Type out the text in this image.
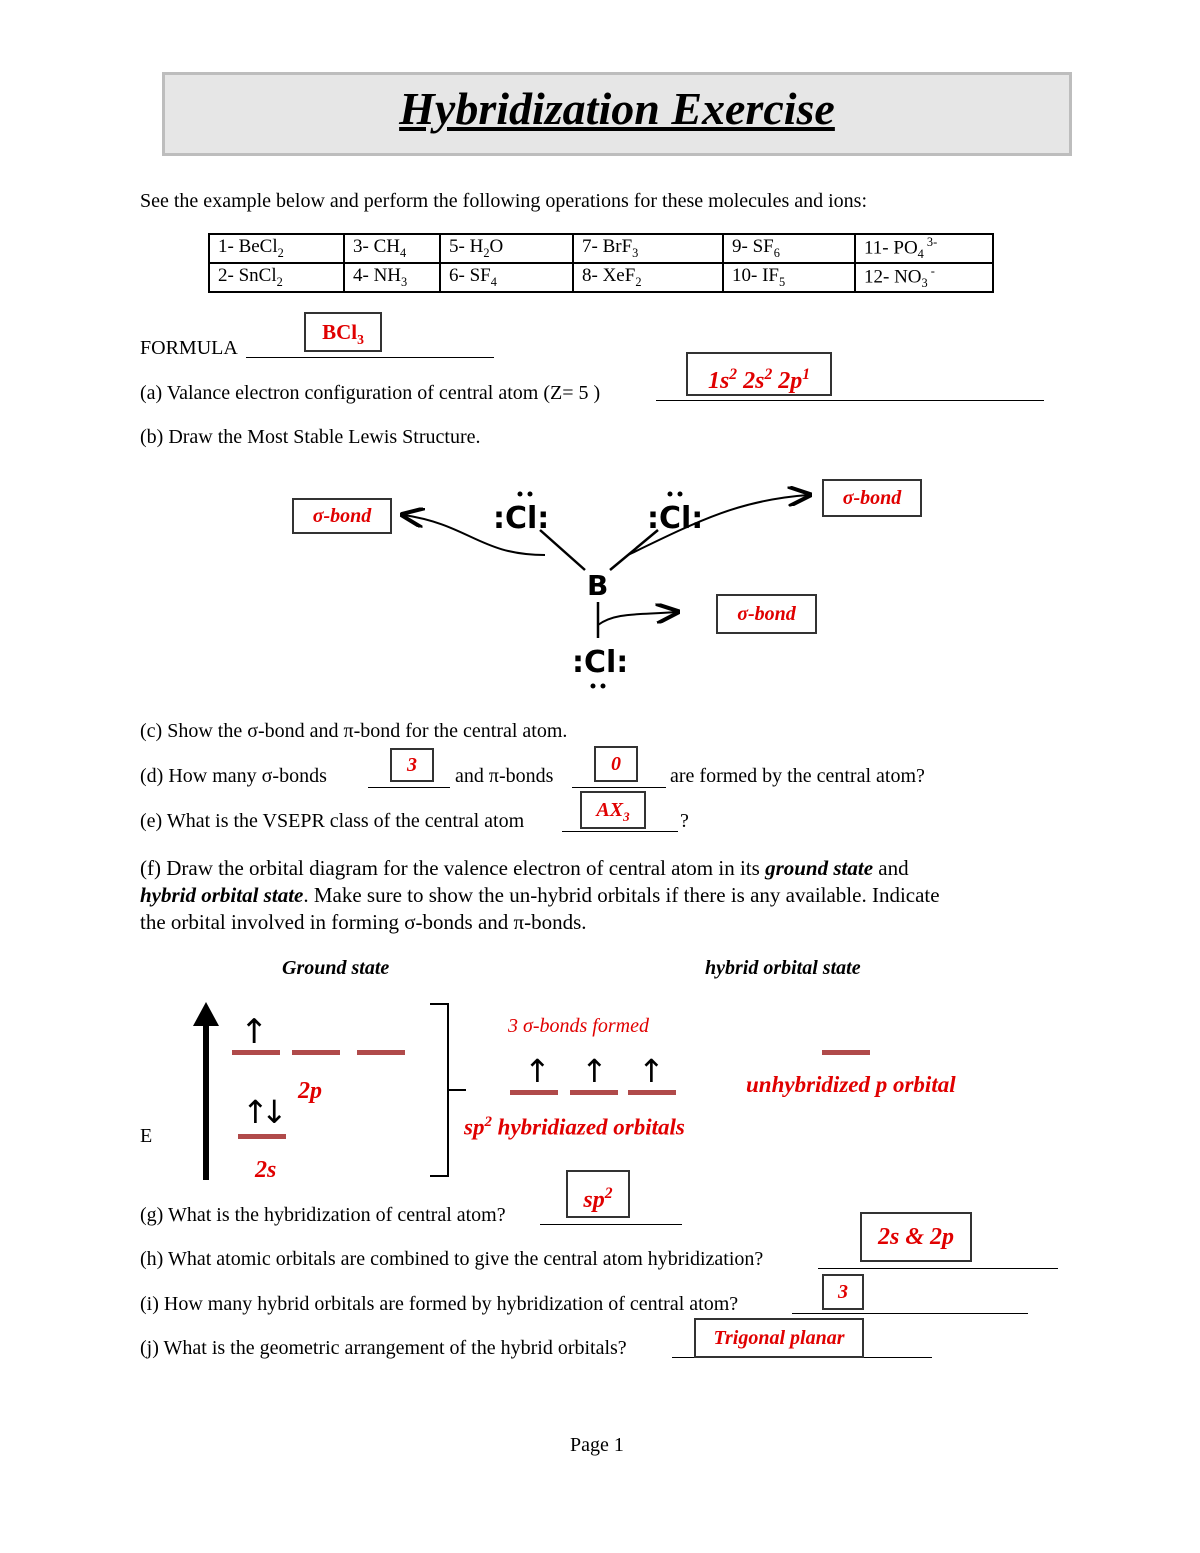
Hybridization Exercise
See the example below and perform the following operations for these molecules and ions:
1- BeCl$_2$	3- $CH_4$	5- $H_2O$	7- BrF$_3$	9- $SF_6$	11- $PO_4$ $^{3-}$
2- SnCl$_2$	4- $NH_3$	6- $SF_4$	8- XeF$_2$	10- $IF_5$	12- $NO_3$ -
FORMULA
BCl$_3$
(a) Valance electron configuration of central atom (Z= 5 )	$1s^2$ $2s^2$ $2p^1$
(b) Draw the Most Stable Lewis Structure.
:Cl:	:Cl:
B
:Cl:
σ-bond
σ-bond
σ-bond
(c) Show the σ-bond and π-bond for the central atom.
(d) How many σ-bonds	and π-bonds	are formed by the central atom?
3	0
(e) What is the VSEPR class of the central atom	?
$AX_3$
(f) Draw the orbital diagram for the valence electron of central atom in its ground state and
hybrid orbital state. Make sure to show the un-hybrid orbitals if there is any available. Indicate
the orbital involved in forming σ-bonds and π-bonds.
Ground state	hybrid orbital state
E
↑
↑↓
2p
2s
3 σ-bonds formed
↑ ↑ ↑
$sp^2$ hybridiazed orbitals
unhybridized p orbital
(g) What is the hybridization of central atom?
$sp^2$
(h) What atomic orbitals are combined to give the central atom hybridization?
2s & 2p
(i) How many hybrid orbitals are formed by hybridization of central atom?
3
(j) What is the geometric arrangement of the hybrid orbitals?	Trigonal planar
Page 1
